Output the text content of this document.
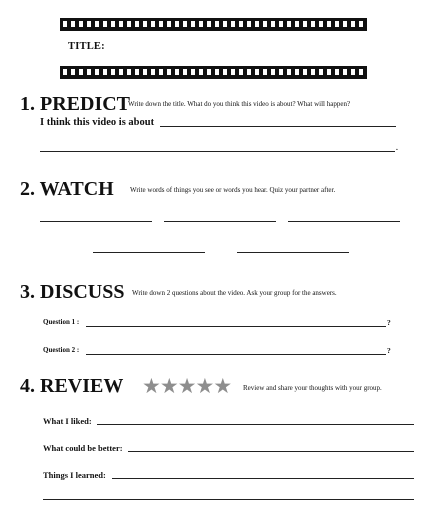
TITLE:
1. PREDICT
Write down the title. What do you think this video is about? What will happen?
I think this video is about
.
2. WATCH Write words of things you see or words you hear. Quiz your partner after.
3. DISCUSS Write down 2 questions about the video. Ask your group for the answers.
Question 1 :	?
Question 2 :	?
4. REVIEW ★★★★★ Review and share your thoughts with your group.
What I liked:
What could be better:
Things I learned:
